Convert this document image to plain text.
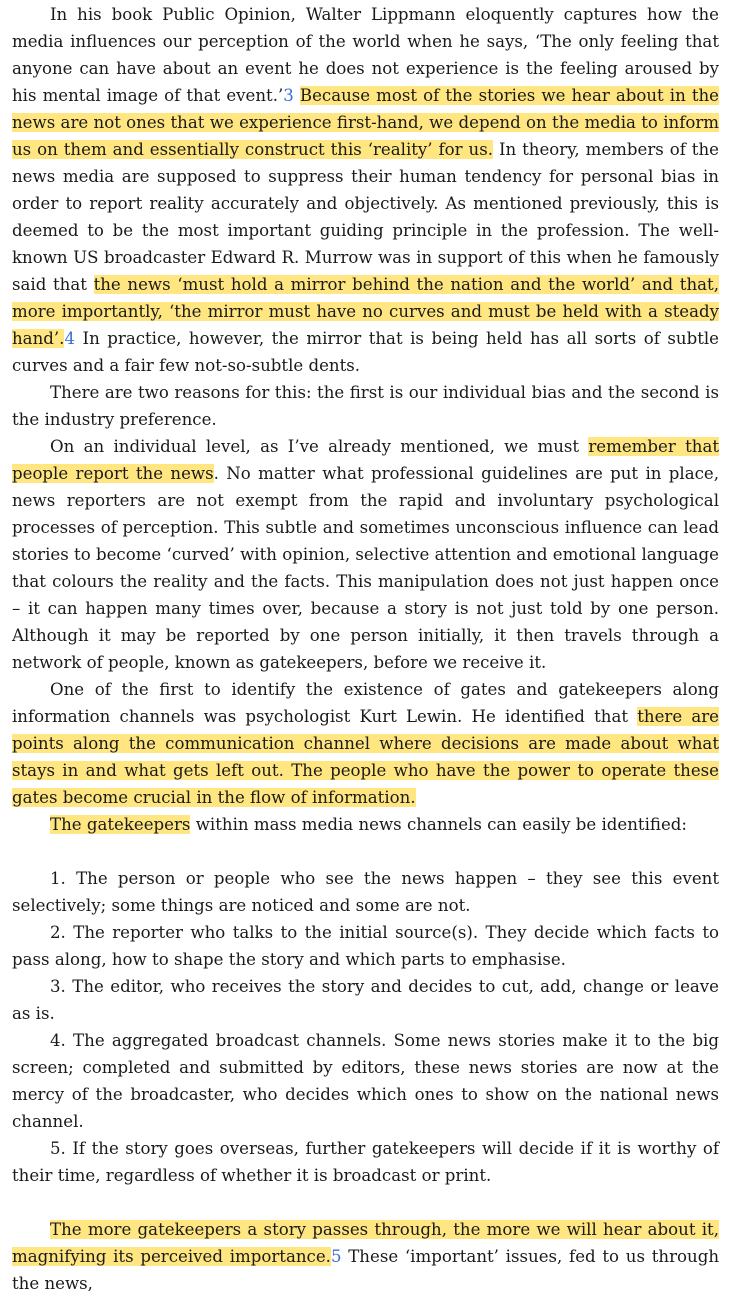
In his book Public Opinion, Walter Lippmann eloquently captures how the media influences our perception of the world when he says, ‘The only feeling that anyone can have about an event he does not experience is the feeling aroused by his mental image of that event.’3 Because most of the stories we hear about in the news are not ones that we experience first-hand, we depend on the media to inform us on them and essentially construct this ‘reality’ for us. In theory, members of the news media are supposed to suppress their human tendency for personal bias in order to report reality accurately and objectively. As mentioned previously, this is deemed to be the most important guiding principle in the profession. The well-known US broadcaster Edward R. Murrow was in support of this when he famously said that the news ‘must hold a mirror behind the nation and the world’ and that, more importantly, ‘the mirror must have no curves and must be held with a steady hand’.4 In practice, however, the mirror that is being held has all sorts of subtle curves and a fair few not-so-subtle dents.

There are two reasons for this: the first is our individual bias and the second is the industry preference.

On an individual level, as I’ve already mentioned, we must remember that people report the news. No matter what professional guidelines are put in place, news reporters are not exempt from the rapid and involuntary psychological processes of perception. This subtle and sometimes unconscious influence can lead stories to become ‘curved’ with opinion, selective attention and emotional language that colours the reality and the facts. This manipulation does not just happen once – it can happen many times over, because a story is not just told by one person. Although it may be reported by one person initially, it then travels through a network of people, known as gatekeepers, before we receive it.

One of the first to identify the existence of gates and gatekeepers along information channels was psychologist Kurt Lewin. He identified that there are points along the communication channel where decisions are made about what stays in and what gets left out. The people who have the power to operate these gates become crucial in the flow of information.

The gatekeepers within mass media news channels can easily be identified:

1. The person or people who see the news happen – they see this event selectively; some things are noticed and some are not.

2. The reporter who talks to the initial source(s). They decide which facts to pass along, how to shape the story and which parts to emphasise.

3. The editor, who receives the story and decides to cut, add, change or leave as is.

4. The aggregated broadcast channels. Some news stories make it to the big screen; completed and submitted by editors, these news stories are now at the mercy of the broadcaster, who decides which ones to show on the national news channel.

5. If the story goes overseas, further gatekeepers will decide if it is worthy of their time, regardless of whether it is broadcast or print.

The more gatekeepers a story passes through, the more we will hear about it, magnifying its perceived importance.5 These ‘important’ issues, fed to us through the news,
